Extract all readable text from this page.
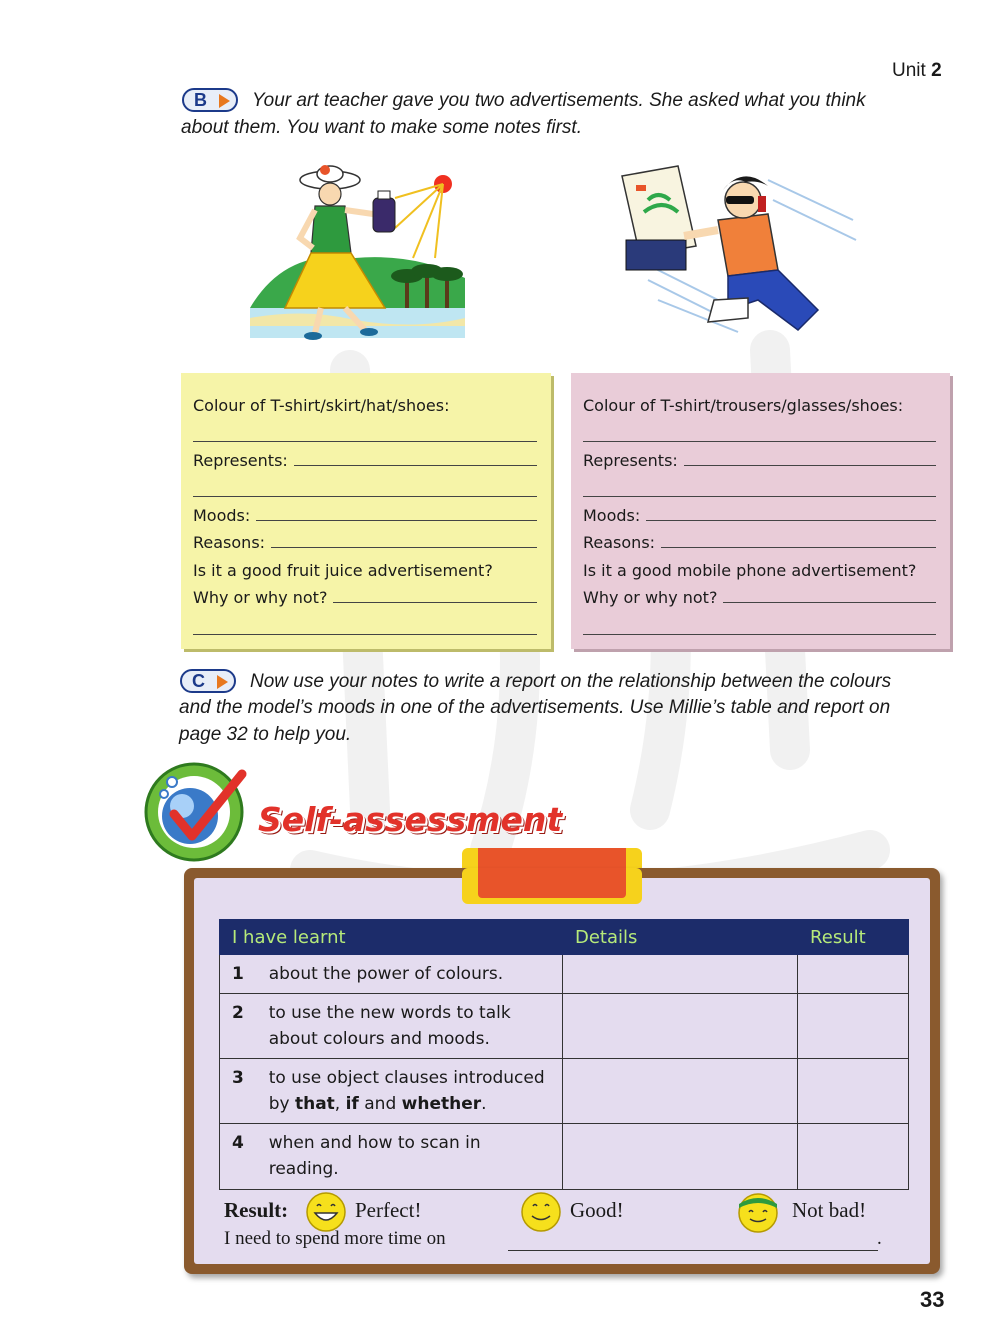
Unit 2
B Your art teacher gave you two advertisements. She asked what you think
about them. You want to make some notes first.
Colour of T-shirt/skirt/hat/shoes:
Represents:
Moods:
Reasons:
Is it a good fruit juice advertisement?
Why or why not?
Colour of T-shirt/trousers/glasses/shoes:
Represents:
Moods:
Reasons:
Is it a good mobile phone advertisement?
Why or why not?
C Now use your notes to write a report on the relationship between the colours
and the model’s moods in one of the advertisements. Use Millie’s table and report on
page 32 to help you.
Self-assessment
I have learnt		Details	Result
1	about the power of colours.		
2	to use the new words to talk
about colours and moods.		

3	to use object clauses introduced
by that, if and whether.		

4	when and how to scan in
reading.		

Result:	Perfect!	Good!	Not bad!
I need to spend more time on	.
33
